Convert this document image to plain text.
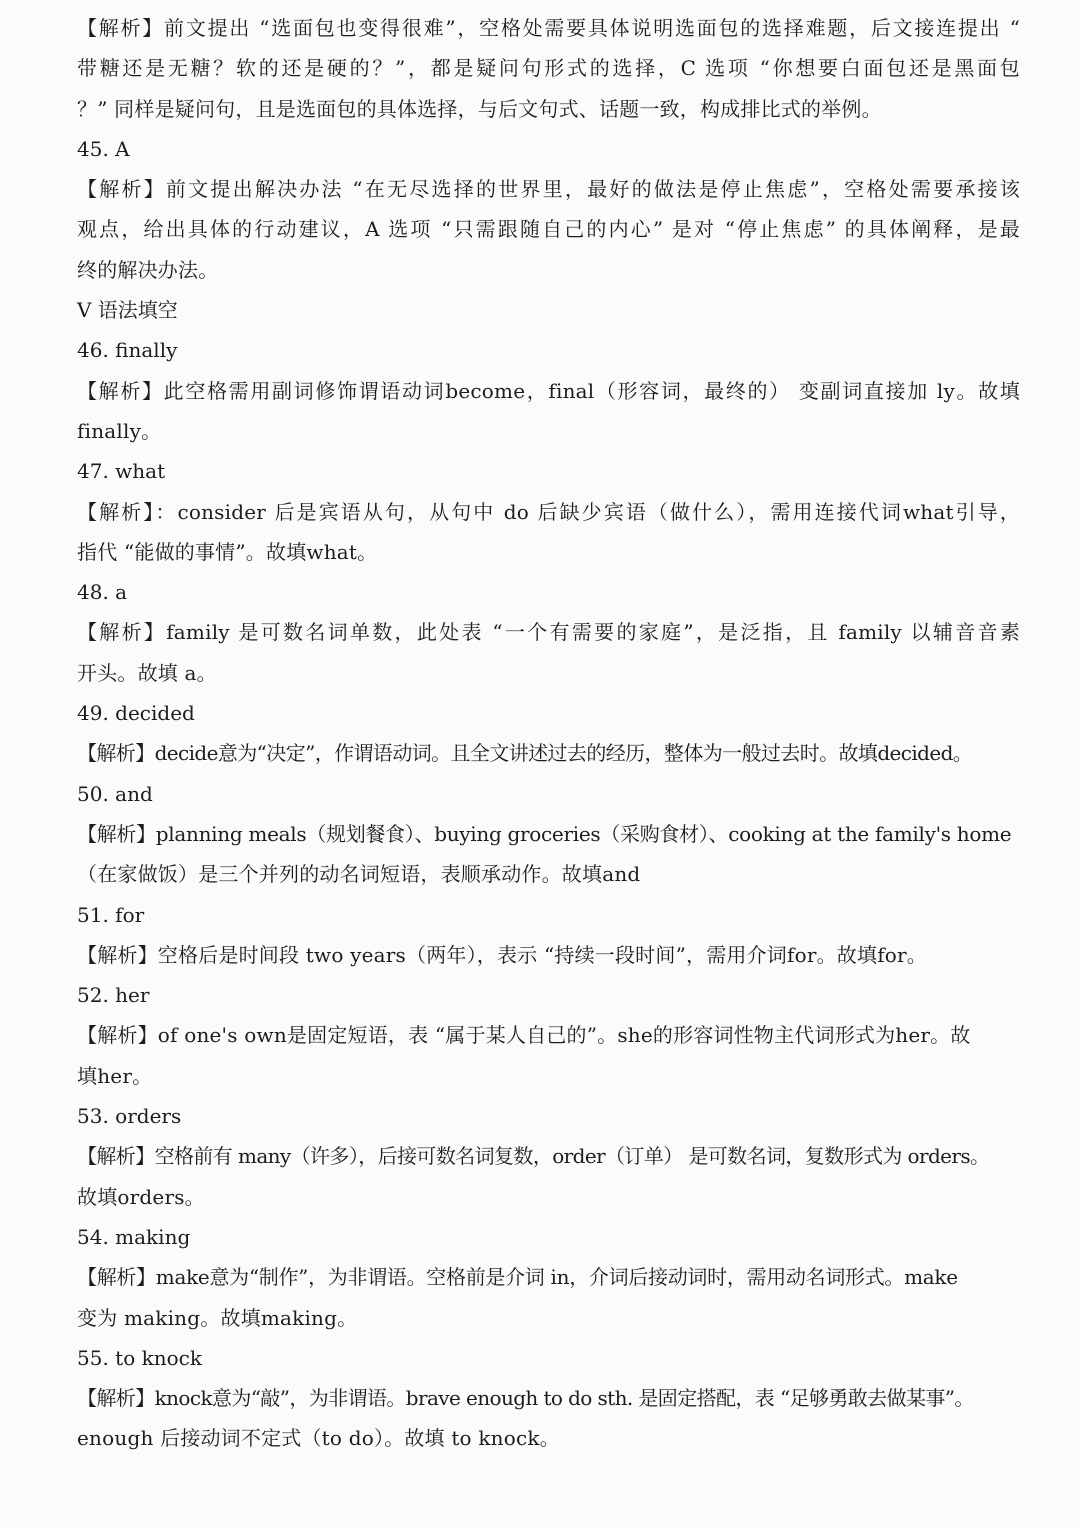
【解析】前文提出 “选面包也变得很难”，空格处需要具体说明选面包的选择难题，后文接连提出 “
带糖还是无糖？软的还是硬的？”，都是疑问句形式的选择，C 选项 “你想要白面包还是黑面包
？” 同样是疑问句，且是选面包的具体选择，与后文句式、话题一致，构成排比式的举例。
45. A
【解析】前文提出解决办法 “在无尽选择的世界里，最好的做法是停止焦虑”，空格处需要承接该
观点，给出具体的行动建议，A 选项 “只需跟随自己的内心” 是对 “停止焦虑” 的具体阐释，是最
终的解决办法。
V 语法填空
46. finally
【解析】此空格需用副词修饰谓语动词become，final（形容词，最终的） 变副词直接加 ly。故填
finally。
47. what
【解析】：consider 后是宾语从句，从句中 do 后缺少宾语（做什么），需用连接代词what引导，
指代 “能做的事情”。故填what。
48. a
【解析】family 是可数名词单数，此处表 “一个有需要的家庭”，是泛指，且 family 以辅音音素
开头。故填 a。
49. decided
【解析】decide意为“决定”，作谓语动词。且全文讲述过去的经历，整体为一般过去时。故填decided。
50. and
【解析】planning meals（规划餐食）、buying groceries（采购食材）、cooking at the family's home
（在家做饭）是三个并列的动名词短语，表顺承动作。故填and
51. for
【解析】空格后是时间段 two years（两年），表示 “持续一段时间”，需用介词for。故填for。
52. her
【解析】of one's own是固定短语，表 “属于某人自己的”。she的形容词性物主代词形式为her。故
填her。
53. orders
【解析】空格前有 many（许多），后接可数名词复数，order（订单） 是可数名词，复数形式为 orders。
故填orders。
54. making
【解析】make意为“制作”，为非谓语。空格前是介词 in，介词后接动词时，需用动名词形式。make
变为 making。故填making。
55. to knock
【解析】knock意为“敲”，为非谓语。brave enough to do sth. 是固定搭配，表 “足够勇敢去做某事”。
enough 后接动词不定式（to do）。故填 to knock。
